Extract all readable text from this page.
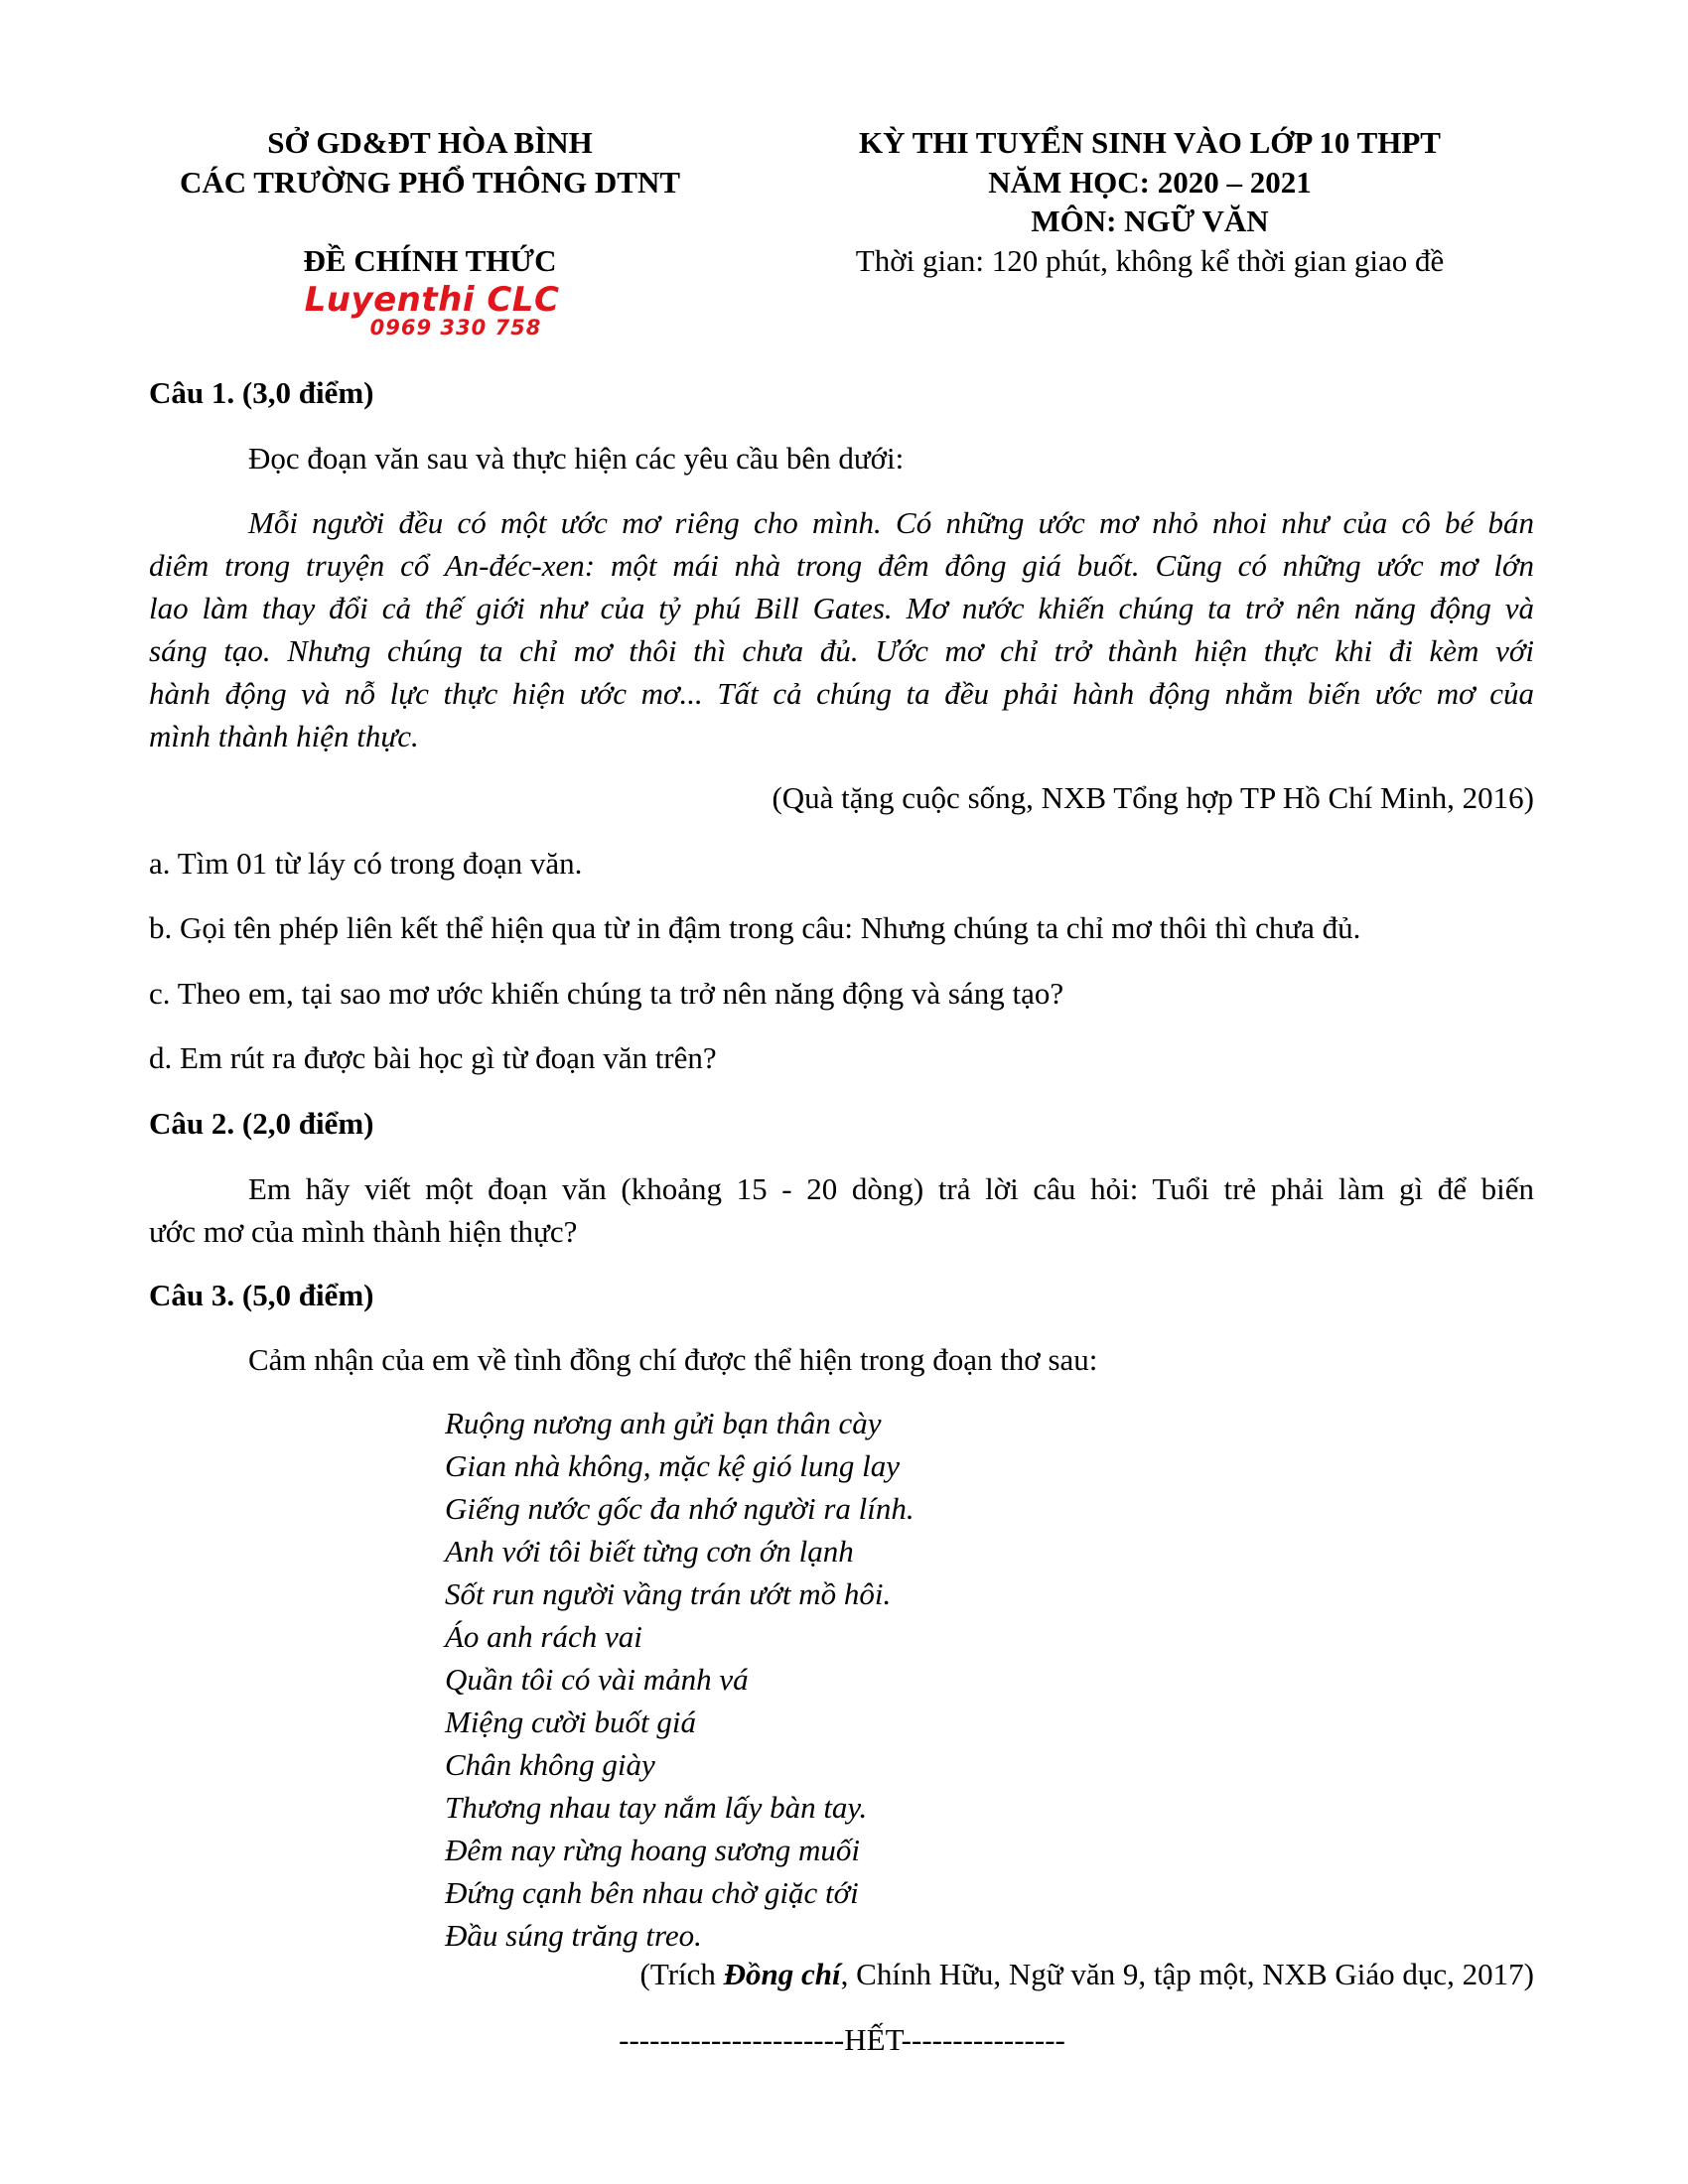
SỞ GD&ĐT HÒA BÌNH
CÁC TRƯỜNG PHỔ THÔNG DTNT
ĐỀ CHÍNH THỨC
Luyenthi CLC
0969 330 758
KỲ THI TUYỂN SINH VÀO LỚP 10 THPT
NĂM HỌC: 2020 – 2021
MÔN: NGỮ VĂN
Thời gian: 120 phút, không kể thời gian giao đề
Câu 1. (3,0 điểm)
Đọc đoạn văn sau và thực hiện các yêu cầu bên dưới:
Mỗi người đều có một ước mơ riêng cho mình. Có những ước mơ nhỏ nhoi như của cô bé bán
diêm trong truyện cổ An-đéc-xen: một mái nhà trong đêm đông giá buốt. Cũng có những ước mơ lớn
lao làm thay đổi cả thế giới như của tỷ phú Bill Gates. Mơ nước khiến chúng ta trở nên năng động và
sáng tạo. Nhưng chúng ta chỉ mơ thôi thì chưa đủ. Ước mơ chỉ trở thành hiện thực khi đi kèm với
hành động và nỗ lực thực hiện ước mơ... Tất cả chúng ta đều phải hành động nhằm biến ước mơ của
mình thành hiện thực.
(Quà tặng cuộc sống, NXB Tổng hợp TP Hồ Chí Minh, 2016)
a. Tìm 01 từ láy có trong đoạn văn.
b. Gọi tên phép liên kết thể hiện qua từ in đậm trong câu: Nhưng chúng ta chỉ mơ thôi thì chưa đủ.
c. Theo em, tại sao mơ ước khiến chúng ta trở nên năng động và sáng tạo?
d. Em rút ra được bài học gì từ đoạn văn trên?
Câu 2. (2,0 điểm)
Em hãy viết một đoạn văn (khoảng 15 - 20 dòng) trả lời câu hỏi: Tuổi trẻ phải làm gì để biến
ước mơ của mình thành hiện thực?
Câu 3. (5,0 điểm)
Cảm nhận của em về tình đồng chí được thể hiện trong đoạn thơ sau:
Ruộng nương anh gửi bạn thân cày
Gian nhà không, mặc kệ gió lung lay
Giếng nước gốc đa nhớ người ra lính.
Anh với tôi biết từng cơn ớn lạnh
Sốt run người vầng trán ướt mồ hôi.
Áo anh rách vai
Quần tôi có vài mảnh vá
Miệng cười buốt giá
Chân không giày
Thương nhau tay nắm lấy bàn tay.
Đêm nay rừng hoang sương muối
Đứng cạnh bên nhau chờ giặc tới
Đầu súng trăng treo.
(Trích Đồng chí, Chính Hữu, Ngữ văn 9, tập một, NXB Giáo dục, 2017)
----------------------HẾT----------------
